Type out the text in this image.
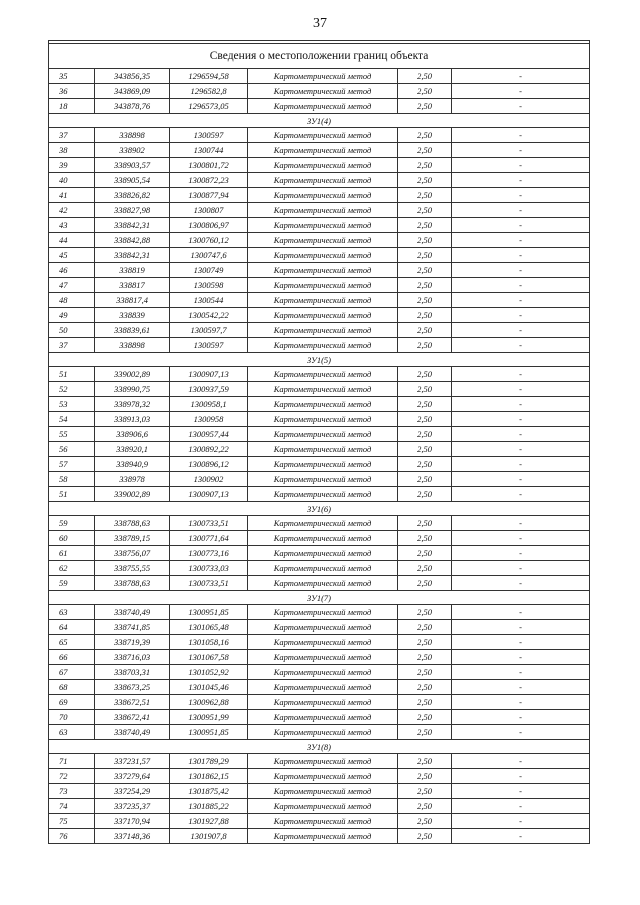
37

Сведения о местоположении границ объекта					
35	343856,35	1296594,58	Картометрический метод	2,50	-
36	343869,09	1296582,8	Картометрический метод	2,50	-
18	343878,76	1296573,05	Картометрический метод	2,50	-
ЗУ1(4)					
37	338898	1300597	Картометрический метод	2,50	-
38	338902	1300744	Картометрический метод	2,50	-
39	338903,57	1300801,72	Картометрический метод	2,50	-
40	338905,54	1300872,23	Картометрический метод	2,50	-
41	338826,82	1300877,94	Картометрический метод	2,50	-
42	338827,98	1300807	Картометрический метод	2,50	-
43	338842,31	1300806,97	Картометрический метод	2,50	-
44	338842,88	1300760,12	Картометрический метод	2,50	-
45	338842,31	1300747,6	Картометрический метод	2,50	-
46	338819	1300749	Картометрический метод	2,50	-
47	338817	1300598	Картометрический метод	2,50	-
48	338817,4	1300544	Картометрический метод	2,50	-
49	338839	1300542,22	Картометрический метод	2,50	-
50	338839,61	1300597,7	Картометрический метод	2,50	-
37	338898	1300597	Картометрический метод	2,50	-
ЗУ1(5)					
51	339002,89	1300907,13	Картометрический метод	2,50	-
52	338990,75	1300937,59	Картометрический метод	2,50	-
53	338978,32	1300958,1	Картометрический метод	2,50	-
54	338913,03	1300958	Картометрический метод	2,50	-
55	338906,6	1300957,44	Картометрический метод	2,50	-
56	338920,1	1300892,22	Картометрический метод	2,50	-
57	338940,9	1300896,12	Картометрический метод	2,50	-
58	338978	1300902	Картометрический метод	2,50	-
51	339002,89	1300907,13	Картометрический метод	2,50	-
ЗУ1(6)					
59	338788,63	1300733,51	Картометрический метод	2,50	-
60	338789,15	1300771,64	Картометрический метод	2,50	-
61	338756,07	1300773,16	Картометрический метод	2,50	-
62	338755,55	1300733,03	Картометрический метод	2,50	-
59	338788,63	1300733,51	Картометрический метод	2,50	-
ЗУ1(7)					
63	338740,49	1300951,85	Картометрический метод	2,50	-
64	338741,85	1301065,48	Картометрический метод	2,50	-
65	338719,39	1301058,16	Картометрический метод	2,50	-
66	338716,03	1301067,58	Картометрический метод	2,50	-
67	338703,31	1301052,92	Картометрический метод	2,50	-
68	338673,25	1301045,46	Картометрический метод	2,50	-
69	338672,51	1300962,88	Картометрический метод	2,50	-
70	338672,41	1300951,99	Картометрический метод	2,50	-
63	338740,49	1300951,85	Картометрический метод	2,50	-
ЗУ1(8)					
71	337231,57	1301789,29	Картометрический метод	2,50	-
72	337279,64	1301862,15	Картометрический метод	2,50	-
73	337254,29	1301875,42	Картометрический метод	2,50	-
74	337235,37	1301885,22	Картометрический метод	2,50	-
75	337170,94	1301927,88	Картометрический метод	2,50	-
76	337148,36	1301907,8	Картометрический метод	2,50	-
